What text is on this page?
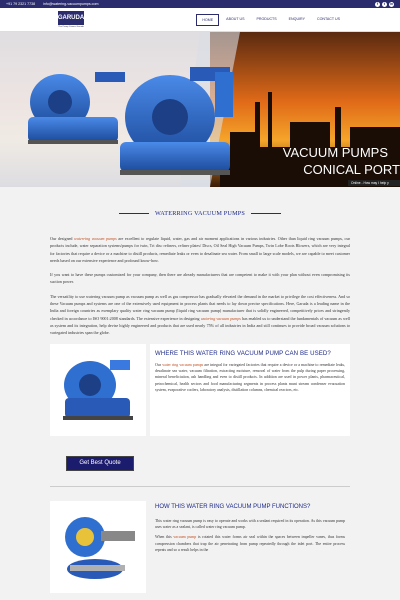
+91 79 2321 7738 info@watering-vacuumpumps.com	f	t	in
GARUDA
The Pump Comes Garuda
HOME	ABOUT US	PRODUCTS	ENQUIRY	CONTACT US
VACUUM PUMPS
CONICAL PORT
Online - How may I help y
WATERRING VACUUM PUMPS

Our designed waterring vacuum pumps are excellent to regulate liquid, water, gas and air moment applications in various industries. Other than liquid ring vacuum pumps, our products include, water separation systems/pumps for twin, Tri disc refiners, refiner plates/ Discs, Oil Seal High Vacuum Pumps, Twin Lobe Roots Blowers, which are very integral for factories that require a device or a machine to distill products, remediate leaks or even to desalinate sea water. From small to large scale models, we are capable to meet customer needs based on our extensive experience and profound know-how.

If you want to have these pumps customized for your company, then there are already manufacturers that are competent to make it with your plan without even compromising its suction power.

The versatility to use watering vacuum pump as vacuum pump as well as gas compressor has gradually elevated the demand in the market to privilege the cost effectiveness. And so these Vacuum pumps and systems are one of the extensively used equipment in process plants that needs to lay down precise specifications. Here, Garuda is a leading name in the India and foreign countries as exemplary quality water ring vacuum pump (liquid ring vacuum pump) manufacturer that is solidly engineered, competitively prices and stringently checked in accordance to ISO 9001:2008 standards. The extensive experience in designing watering vacuum pumps has enabled us to understand the fundamentals of vacuum as well as system and its integration, help devise highly engineered and products that are used nearly 75% of all industries in India and still continues to provide broad vacuum solutions to variegated industries span the globe.

WHERE THIS WATER RING VACUUM PUMP CAN BE USED?

Our water ring vacuum pumps are integral for variegated factories that require a device or a machine to remediate leaks, desalinate sea water, vacuum filtration, extracting moisture, removal of water from the pulp during paper processing, mineral beneficiation, ash handling and even to distill products. In addition are used in power plants, pharmaceutical, petrochemical, health sectors and food manufacturing segments in process plants muni stream condenser evacuation system, evaporative coolers, laboratory analysis, distillation columns, chemical reactors, etc.

Get Best Quote
HOW THIS WATER RING VACUUM PUMP FUNCTIONS?

This water ring vacuum pump is easy to operate and works with a sealant required in its operation. As this vacuum pump uses water as a sealant, is called water ring vacuum pump.

When this vacuum pump is rotated this water forms air seal within the spaces between impeller vanes, thus forms compression chambers that trap the air penetrating from pump repeatedly through the inlet port. The entire process repeats and so a result helps in the
